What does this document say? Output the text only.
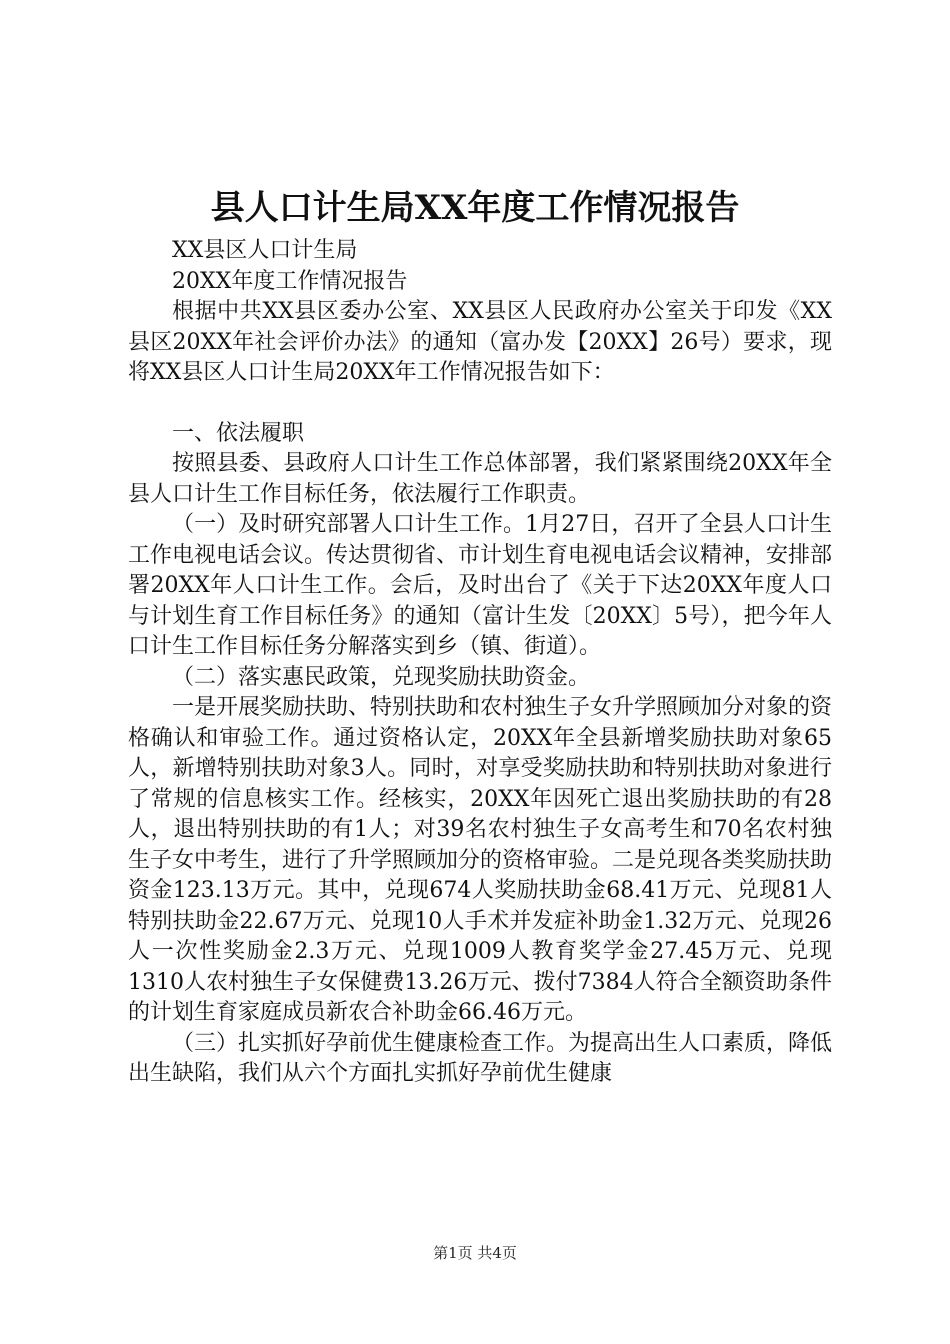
县人口计生局XX年度工作情况报告

XX县区人口计生局

20XX年度工作情况报告

根据中共XX县区委办公室、XX县区人民政府办公室关于印发《XX县区20XX年社会评价办法》的通知（富办发【20XX】26号）要求，现将XX县区人口计生局20XX年工作情况报告如下：

一、依法履职

按照县委、县政府人口计生工作总体部署，我们紧紧围绕20XX年全县人口计生工作目标任务，依法履行工作职责。

（一）及时研究部署人口计生工作。1月27日，召开了全县人口计生工作电视电话会议。传达贯彻省、市计划生育电视电话会议精神，安排部署20XX年人口计生工作。会后，及时出台了《关于下达20XX年度人口与计划生育工作目标任务》的通知（富计生发〔20XX〕5号），把今年人口计生工作目标任务分解落实到乡（镇、街道）。

（二）落实惠民政策，兑现奖励扶助资金。

一是开展奖励扶助、特别扶助和农村独生子女升学照顾加分对象的资格确认和审验工作。通过资格认定，20XX年全县新增奖励扶助对象65人，新增特别扶助对象3人。同时，对享受奖励扶助和特别扶助对象进行了常规的信息核实工作。经核实，20XX年因死亡退出奖励扶助的有28人，退出特别扶助的有1人；对39名农村独生子女高考生和70名农村独生子女中考生，进行了升学照顾加分的资格审验。二是兑现各类奖励扶助资金123.13万元。其中，兑现674人奖励扶助金68.41万元、兑现81人特别扶助金22.67万元、兑现10人手术并发症补助金1.32万元、兑现26人一次性奖励金2.3万元、兑现1009人教育奖学金27.45万元、兑现1310人农村独生子女保健费13.26万元、拨付7384人符合全额资助条件的计划生育家庭成员新农合补助金66.46万元。

（三）扎实抓好孕前优生健康检查工作。为提高出生人口素质，降低出生缺陷，我们从六个方面扎实抓好孕前优生健康

第1页 共4页
